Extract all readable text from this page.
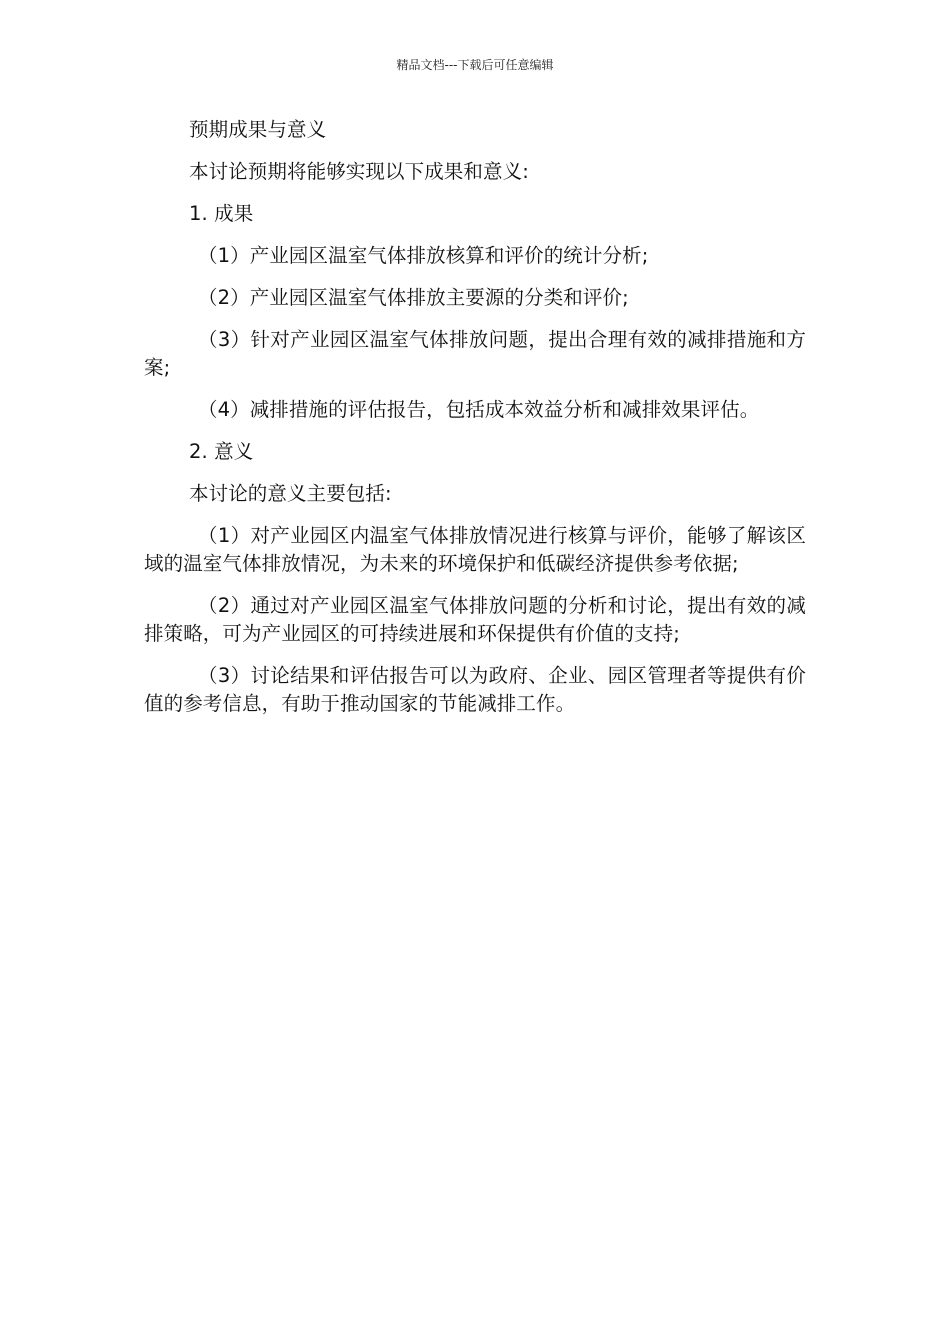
精品文档---下载后可任意编辑

预期成果与意义

本讨论预期将能够实现以下成果和意义:

1. 成果

（1）产业园区温室气体排放核算和评价的统计分析;

（2）产业园区温室气体排放主要源的分类和评价;

（3）针对产业园区温室气体排放问题，提出合理有效的减排措施和方案;

（4）减排措施的评估报告，包括成本效益分析和减排效果评估。

2. 意义

本讨论的意义主要包括:

（1）对产业园区内温室气体排放情况进行核算与评价，能够了解该区域的温室气体排放情况，为未来的环境保护和低碳经济提供参考依据;

（2）通过对产业园区温室气体排放问题的分析和讨论，提出有效的减排策略，可为产业园区的可持续进展和环保提供有价值的支持;

（3）讨论结果和评估报告可以为政府、企业、园区管理者等提供有价值的参考信息，有助于推动国家的节能减排工作。
